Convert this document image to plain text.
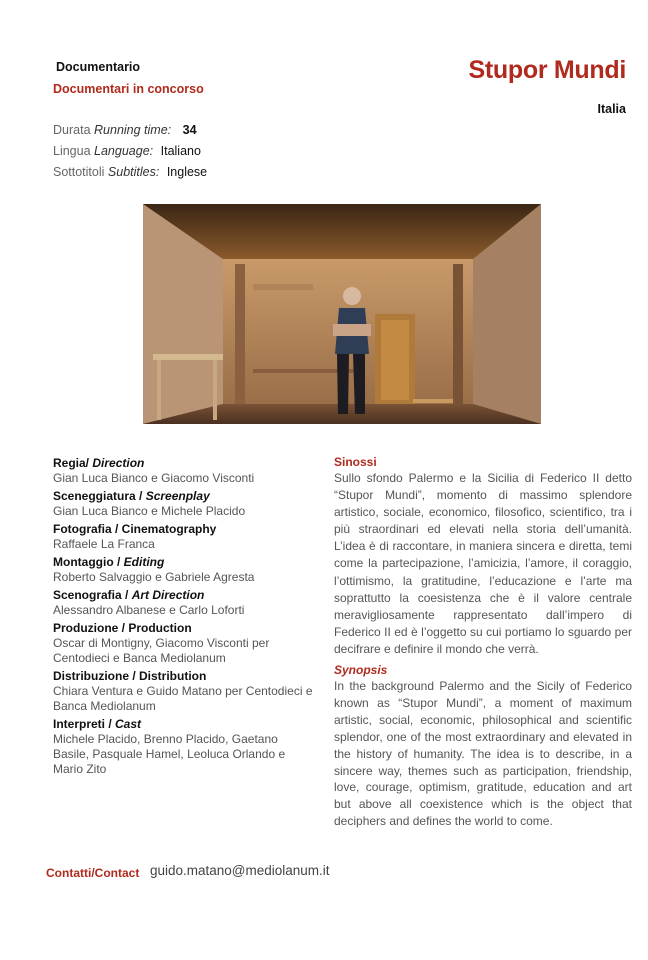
Documentario
Documentari in concorso
Stupor Mundi
Italia
Durata Running time: 34
Lingua Language: Italiano
Sottotitoli Subtitles: Inglese
Regia/ Direction
Gian Luca Bianco e Giacomo Visconti
Sceneggiatura / Screenplay
Gian Luca Bianco e Michele Placido
Fotografia / Cinematography
Raffaele La Franca
Montaggio / Editing
Roberto Salvaggio e Gabriele Agresta
Scenografia / Art Direction
Alessandro Albanese e Carlo Loforti
Produzione / Production
Oscar di Montigny, Giacomo Visconti per Centodieci e Banca Mediolanum
Distribuzione / Distribution
Chiara Ventura e Guido Matano per Centodieci e Banca Mediolanum
Interpreti / Cast
Michele Placido, Brenno Placido, Gaetano Basile, Pasquale Hamel, Leoluca Orlando e Mario Zito
Sinossi
Sullo sfondo Palermo e la Sicilia di Federico II detto “Stupor Mundi”, momento di massimo splendore artistico, sociale, economico, filosofico, scientifico, tra i più straordinari ed elevati nella storia dell’umanità. L’idea è di raccontare, in maniera sincera e diretta, temi come la partecipazione, l’amicizia, l’amore, il coraggio, l’ottimismo, la gratitudine, l’educazione e l’arte ma soprattutto la coesistenza che è il valore centrale meravigliosamente rappresentato dall’impero di Federico II ed è l’oggetto su cui portiamo lo sguardo per decifrare e definire il mondo che verrà.
Synopsis
In the background Palermo and the Sicily of Federico known as “Stupor Mundi”, a moment of maximum artistic, social, economic, philosophical and scientific splendor, one of the most extraordinary and elevated in the history of humanity. The idea is to describe, in a sincere way, themes such as participation, friendship, love, courage, optimism, gratitude, education and art but above all coexistence which is the object that deciphers and defines the world to come.
Contatti/Contact guido.matano@mediolanum.it
